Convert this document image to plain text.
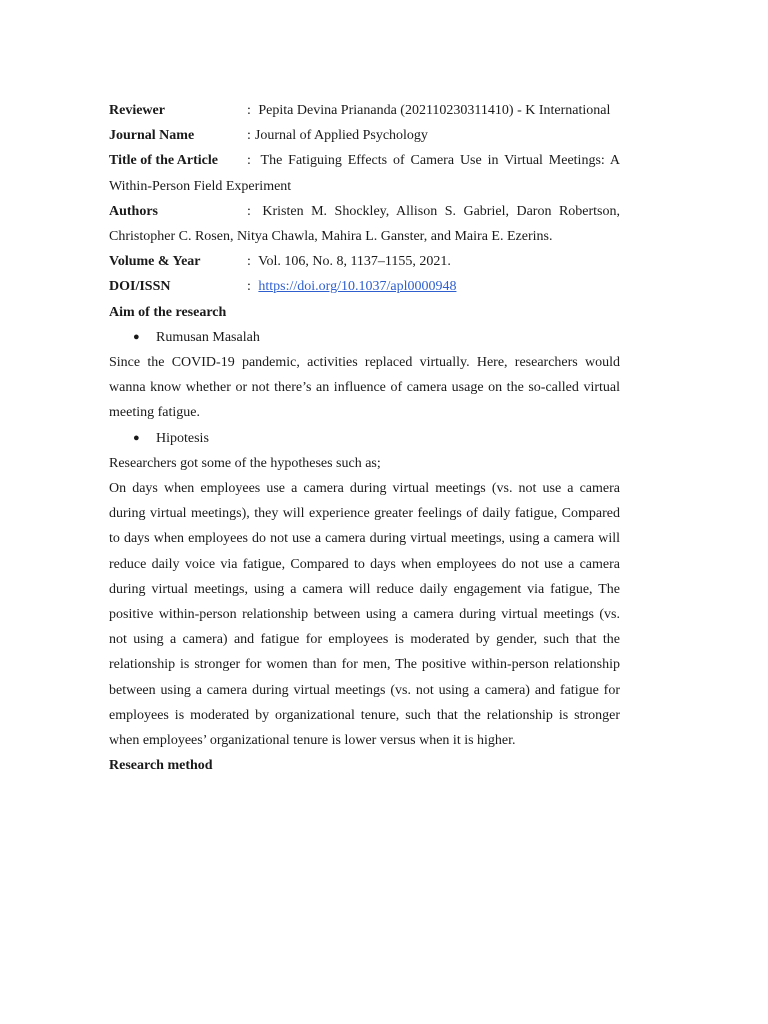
Reviewer	: Pepita Devina Priananda (202110230311410) - K International
Journal Name	: Journal of Applied Psychology
Title of the Article	: The Fatiguing Effects of Camera Use in Virtual Meetings: A Within-Person Field Experiment
Authors	: Kristen M. Shockley, Allison S. Gabriel, Daron Robertson, Christopher C. Rosen, Nitya Chawla, Mahira L. Ganster, and Maira E. Ezerins.
Volume & Year	: Vol. 106, No. 8, 1137–1155, 2021.
DOI/ISSN	: https://doi.org/10.1037/apl0000948
Aim of the research
● Rumusan Masalah
Since the COVID-19 pandemic, activities replaced virtually. Here, researchers would wanna know whether or not there’s an influence of camera usage on the so-called virtual meeting fatigue.
● Hipotesis
Researchers got some of the hypotheses such as;
On days when employees use a camera during virtual meetings (vs. not use a camera during virtual meetings), they will experience greater feelings of daily fatigue, Compared to days when employees do not use a camera during virtual meetings, using a camera will reduce daily voice via fatigue, Compared to days when employees do not use a camera during virtual meetings, using a camera will reduce daily engagement via fatigue, The positive within-person relationship between using a camera during virtual meetings (vs. not using a camera) and fatigue for employees is moderated by gender, such that the relationship is stronger for women than for men, The positive within-person relationship between using a camera during virtual meetings (vs. not using a camera) and fatigue for employees is moderated by organizational tenure, such that the relationship is stronger when employees’ organizational tenure is lower versus when it is higher.
Research method
